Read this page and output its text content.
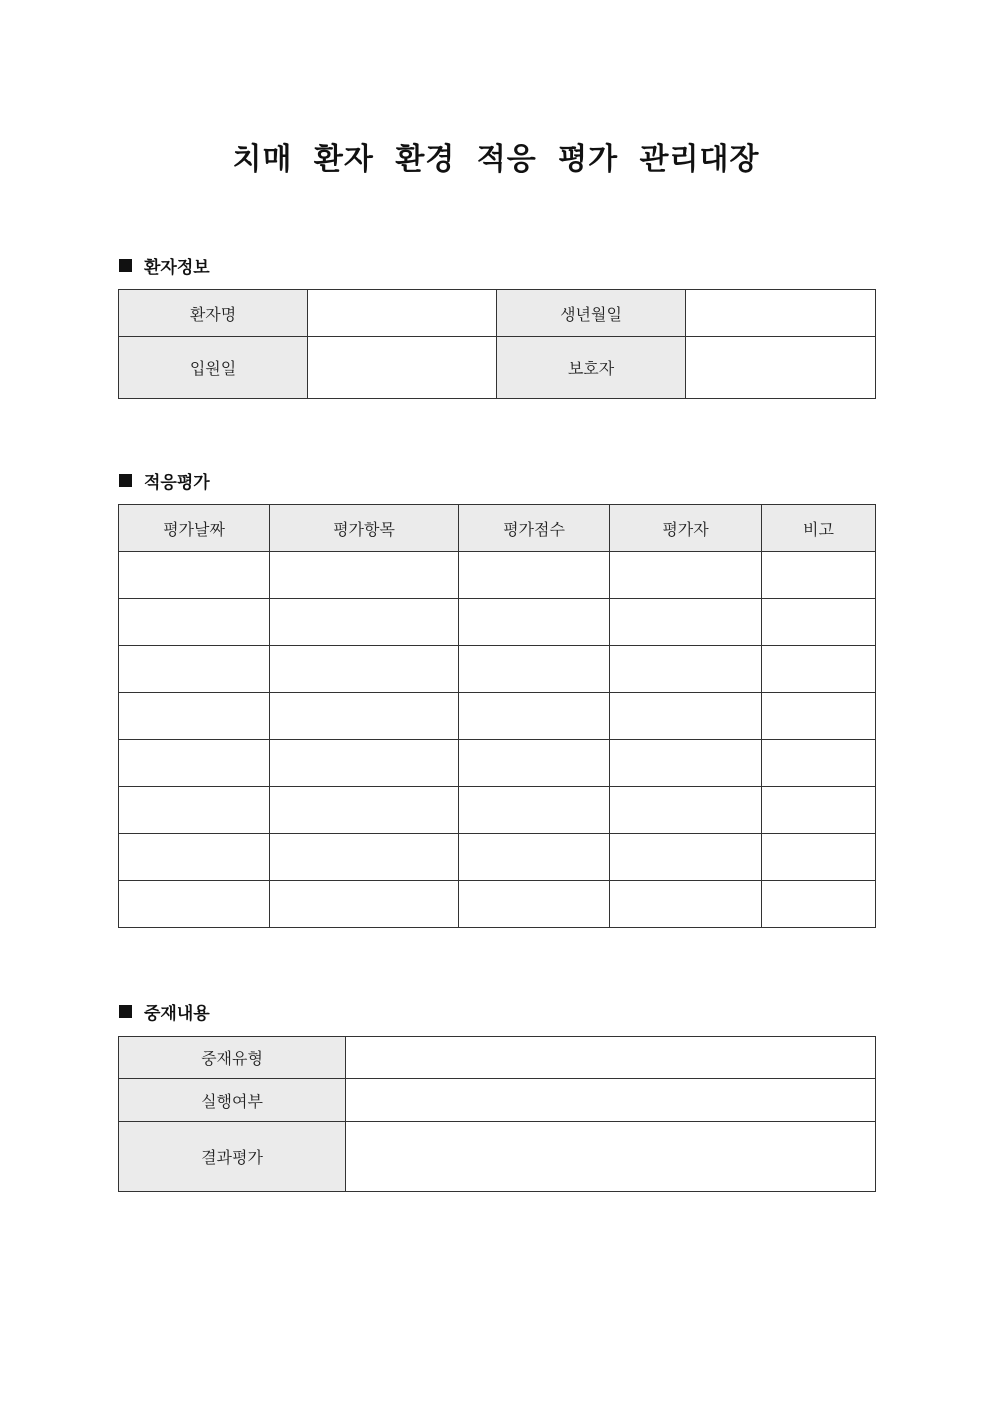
치매 환자 환경 적응 평가 관리대장
환자정보
환자명		생년월일	
입원일		보호자	
적응평가
평가날짜	평가항목	평가점수	평가자	비고

중재내용
중재유형	
실행여부	
결과평가	
